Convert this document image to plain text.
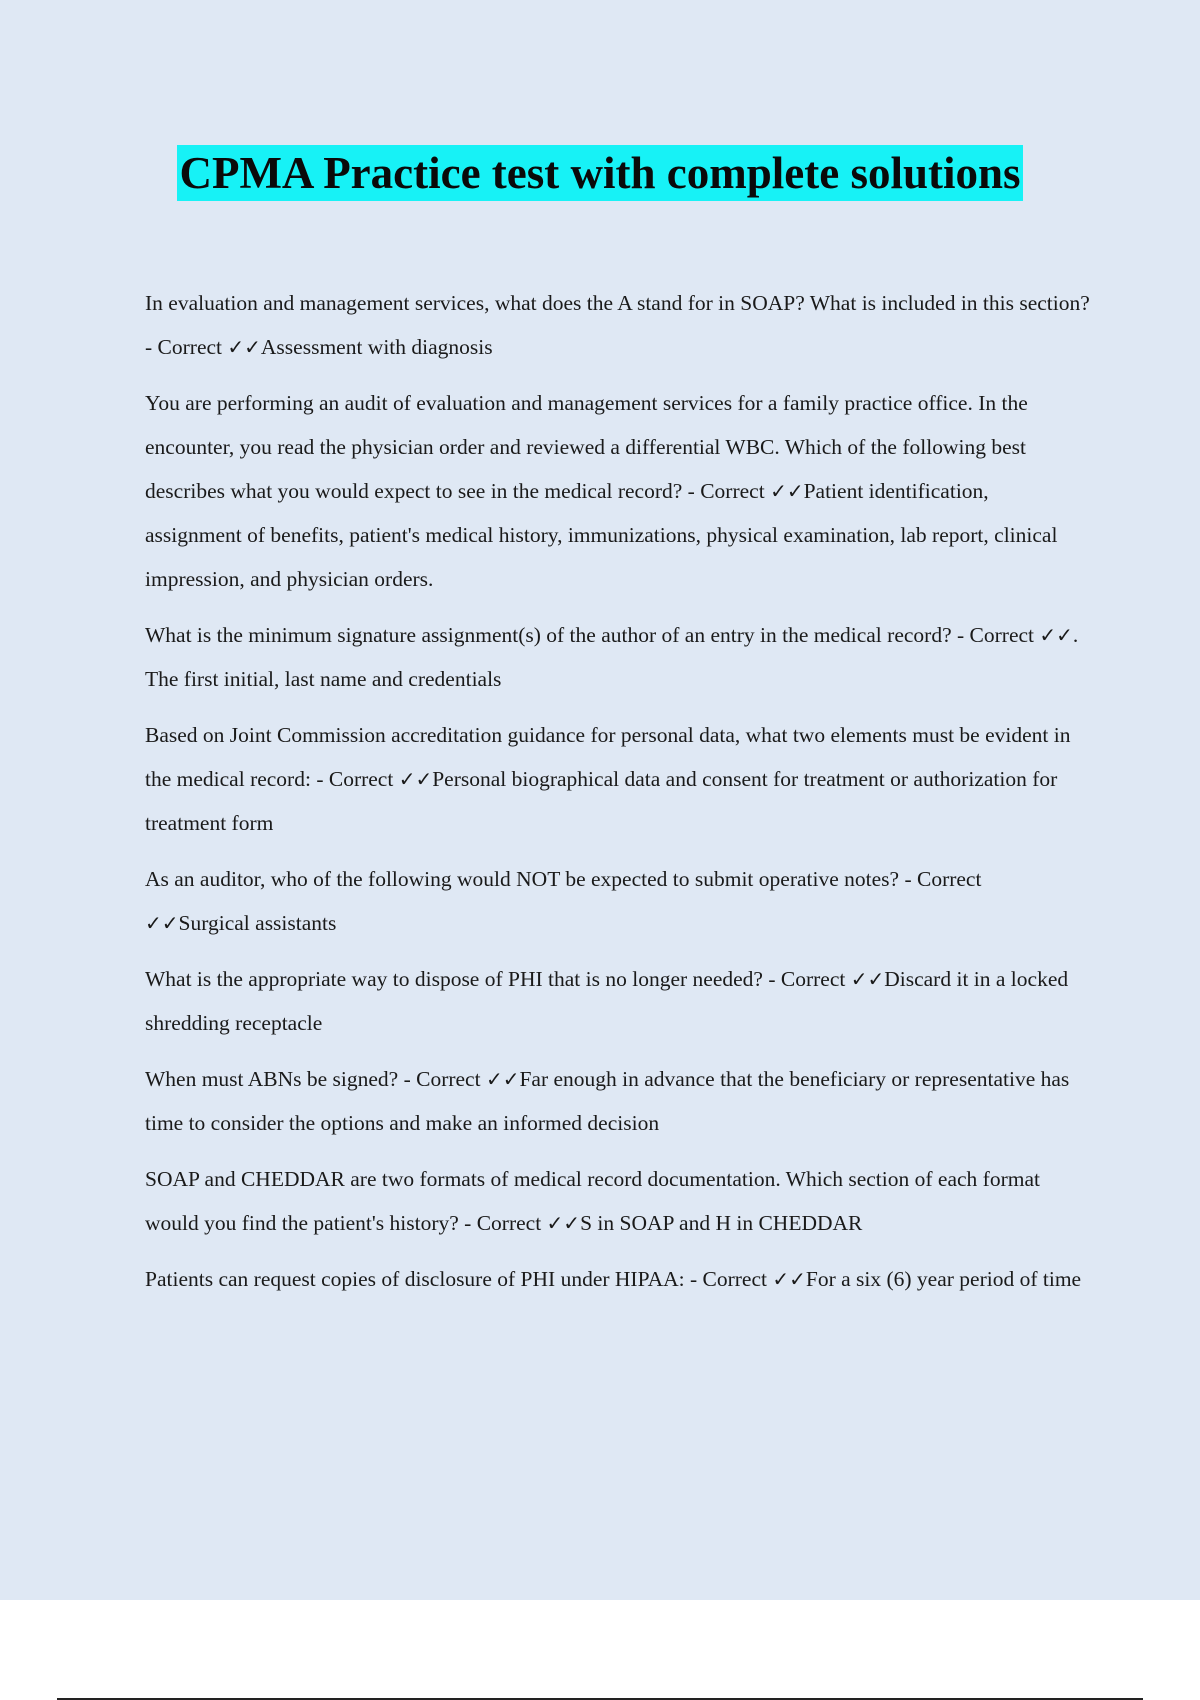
CPMA Practice test with complete solutions

In evaluation and management services, what does the A stand for in SOAP? What is included in this section? - Correct ✓✓Assessment with diagnosis

You are performing an audit of evaluation and management services for a family practice office. In the encounter, you read the physician order and reviewed a differential WBC. Which of the following best describes what you would expect to see in the medical record? - Correct ✓✓Patient identification, assignment of benefits, patient's medical history, immunizations, physical examination, lab report, clinical impression, and physician orders.

What is the minimum signature assignment(s) of the author of an entry in the medical record? - Correct ✓✓. The first initial, last name and credentials

Based on Joint Commission accreditation guidance for personal data, what two elements must be evident in the medical record: - Correct ✓✓Personal biographical data and consent for treatment or authorization for treatment form

As an auditor, who of the following would NOT be expected to submit operative notes? - Correct ✓✓Surgical assistants

What is the appropriate way to dispose of PHI that is no longer needed? - Correct ✓✓Discard it in a locked shredding receptacle

When must ABNs be signed? - Correct ✓✓Far enough in advance that the beneficiary or representative has time to consider the options and make an informed decision

SOAP and CHEDDAR are two formats of medical record documentation. Which section of each format would you find the patient's history? - Correct ✓✓S in SOAP and H in CHEDDAR

Patients can request copies of disclosure of PHI under HIPAA: - Correct ✓✓For a six (6) year period of time
